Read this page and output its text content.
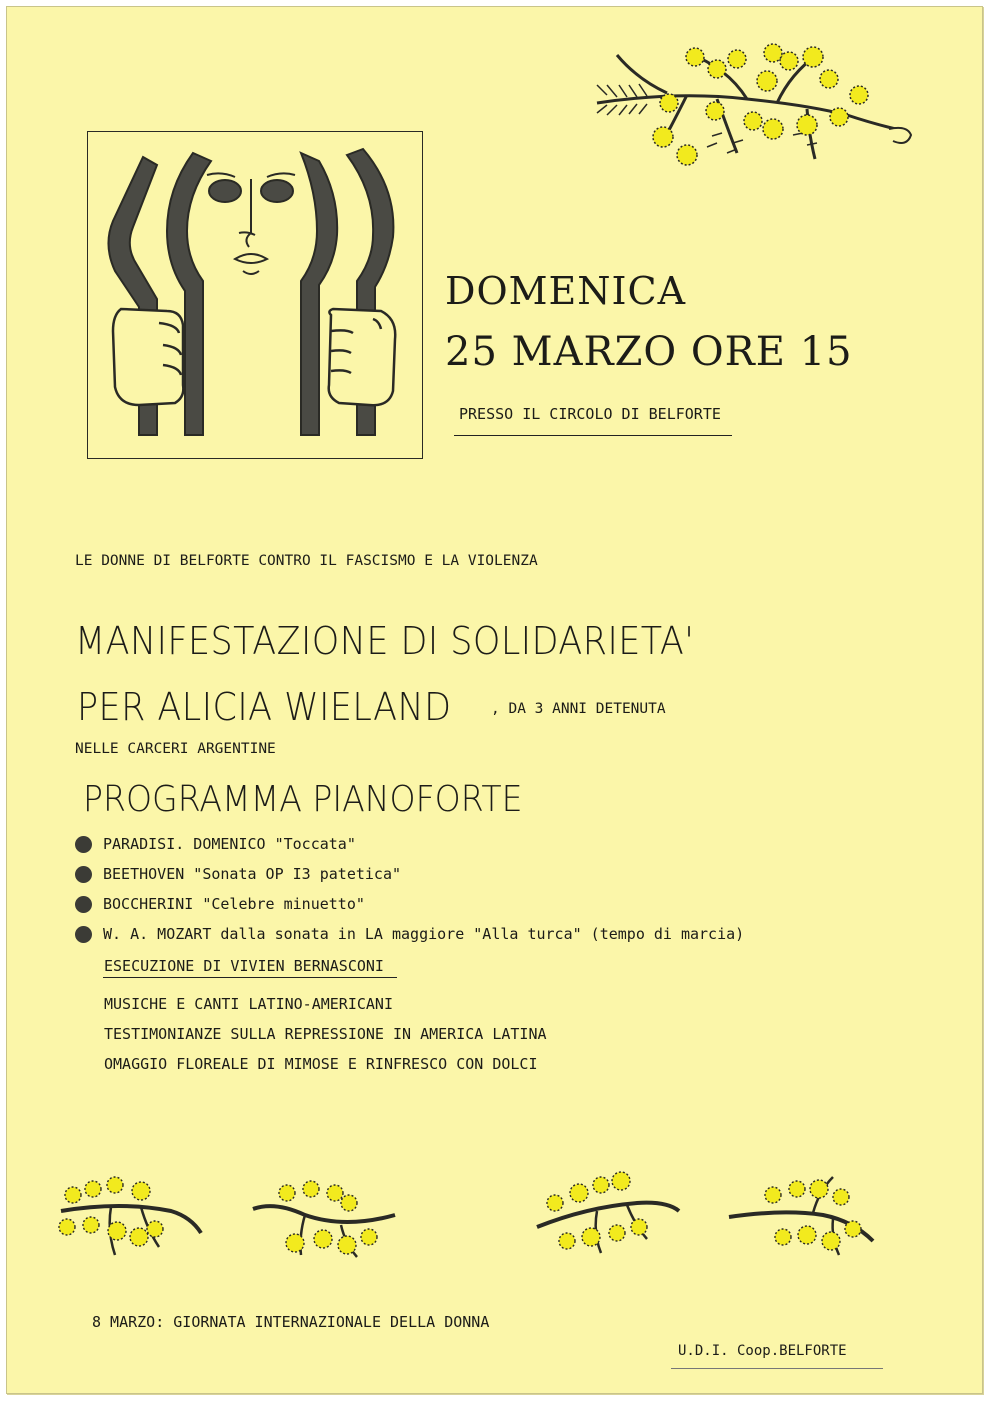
DOMENICA
25 MARZO ORE 15
PRESSO IL CIRCOLO DI BELFORTE
LE DONNE DI BELFORTE CONTRO IL FASCISMO E LA VIOLENZA
MANIFESTAZIONE DI SOLIDARIETA'
PER ALICIA WIELAND	, DA 3 ANNI DETENUTA
NELLE CARCERI ARGENTINE
PROGRAMMA PIANOFORTE
PARADISI. DOMENICO "Toccata"
BEETHOVEN "Sonata OP I3 patetica"
BOCCHERINI "Celebre minuetto"
W. A. MOZART dalla sonata in LA maggiore "Alla turca" (tempo di marcia)
ESECUZIONE DI VIVIEN BERNASCONI
MUSICHE E CANTI LATINO-AMERICANI
TESTIMONIANZE SULLA REPRESSIONE IN AMERICA LATINA
OMAGGIO FLOREALE DI MIMOSE E RINFRESCO CON DOLCI
8 MARZO: GIORNATA INTERNAZIONALE DELLA DONNA
U.D.I. Coop.BELFORTE
